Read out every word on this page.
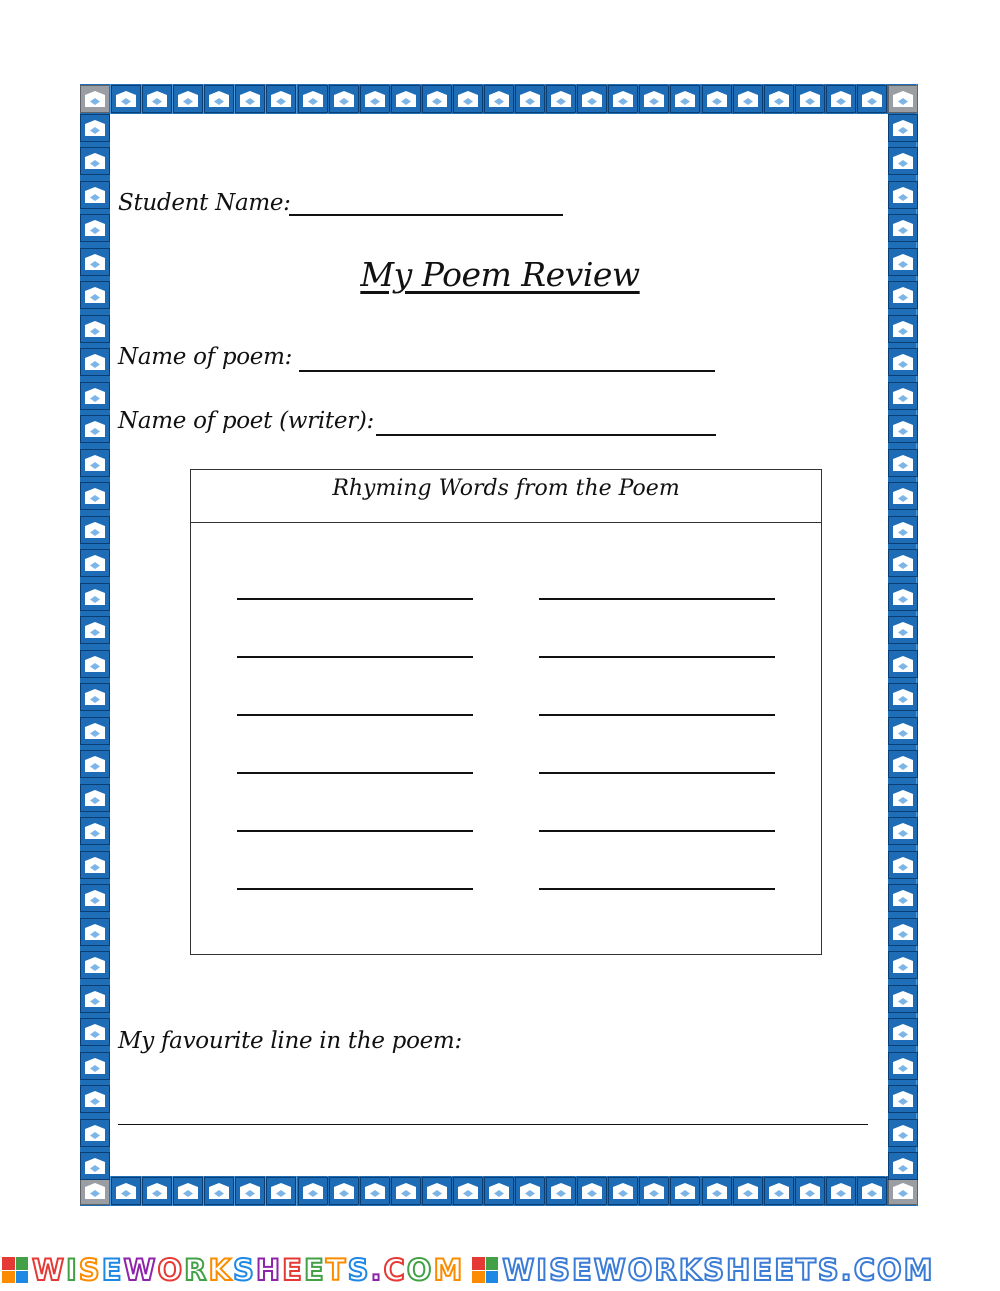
Student Name:
My Poem Review
Name of poem:
Name of poet (writer):
Rhyming Words from the Poem
My favourite line in the poem:
WISEWORKSHEETS.COM WISEWORKSHEETS.COM
